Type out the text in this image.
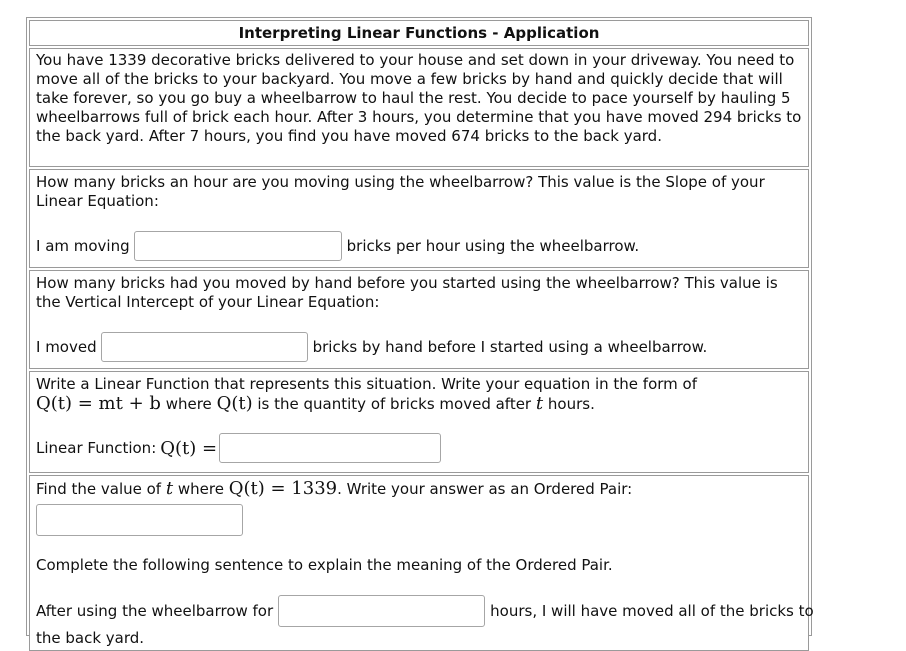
Interpreting Linear Functions - Application
You have 1339 decorative bricks delivered to your house and set down in your driveway. You need to move all of the bricks to your backyard. You move a few bricks by hand and quickly decide that will take forever, so you go buy a wheelbarrow to haul the rest. You decide to pace yourself by hauling 5 wheelbarrows full of brick each hour. After 3 hours, you determine that you have moved 294 bricks to the back yard. After 7 hours, you find you have moved 674 bricks to the back yard.
How many bricks an hour are you moving using the wheelbarrow? This value is the Slope of your Linear Equation:
I am moving	bricks per hour using the wheelbarrow.
How many bricks had you moved by hand before you started using the wheelbarrow? This value is the Vertical Intercept of your Linear Equation:
I moved	bricks by hand before I started using a wheelbarrow.
Write a Linear Function that represents this situation. Write your equation in the form of
Q(t) = mt + b where Q(t) is the quantity of bricks moved after t hours.
Linear Function: Q(t) =
Find the value of t where Q(t) = 1339. Write your answer as an Ordered Pair:
Complete the following sentence to explain the meaning of the Ordered Pair.
After using the wheelbarrow for	hours, I will have moved all of the bricks to
the back yard.
